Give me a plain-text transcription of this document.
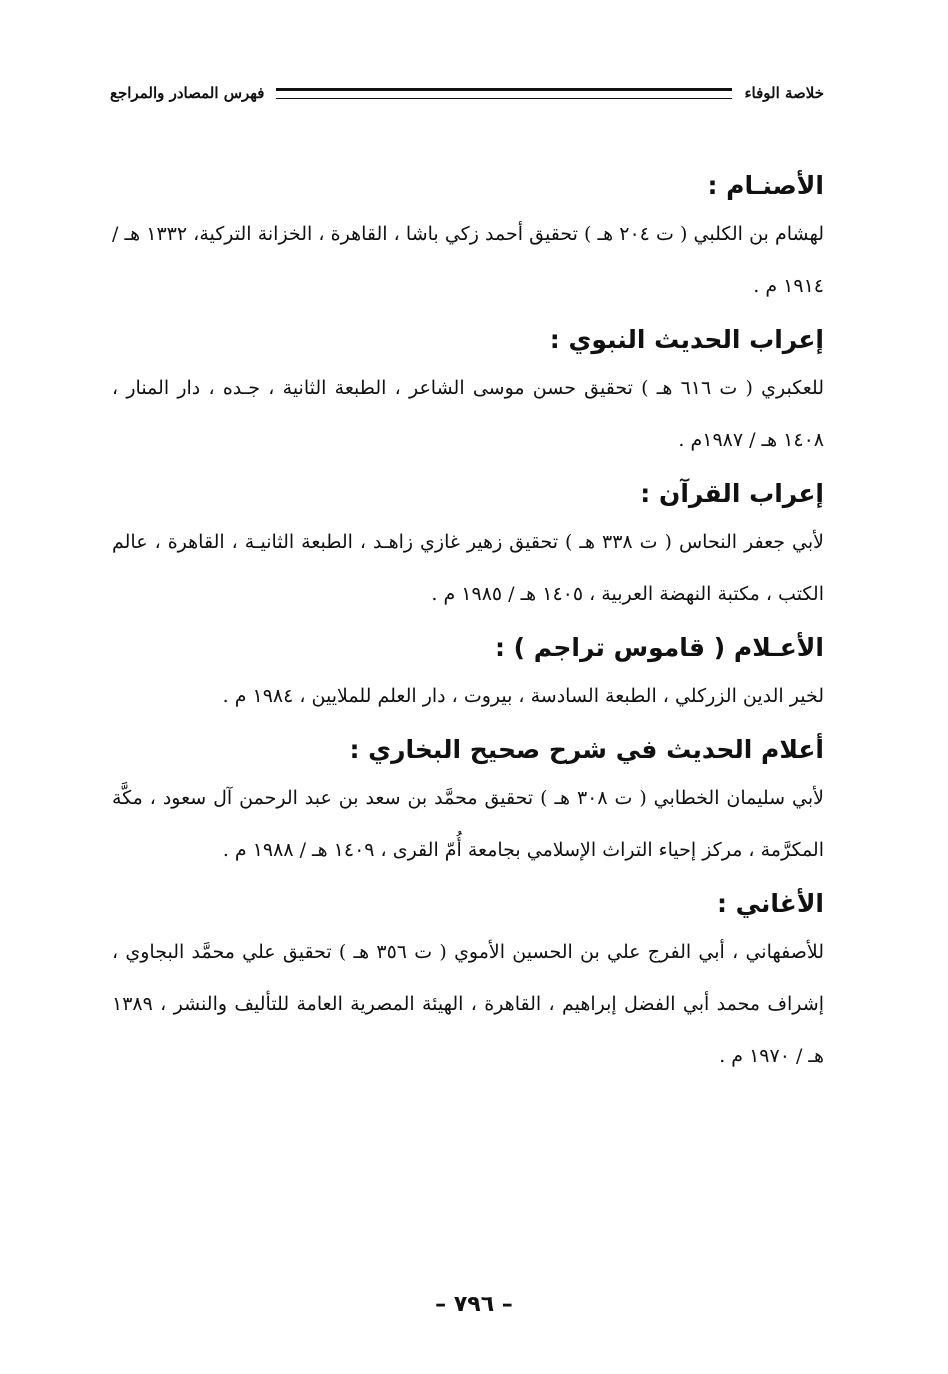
خلاصة الوفاء
فهرس المصادر والمراجع

الأصنـام :

لهشام بن الكلبي ( ت ٢٠٤ هـ ) تحقيق أحمد زكي باشا ، القاهرة ، الخزانة التركية، ١٣٣٢ هـ / ١٩١٤ م .

إعراب الحديث النبوي :

للعكبري ( ت ٦١٦ هـ ) تحقيق حسن موسى الشاعر ، الطبعة الثانية ، جـده ، دار المنار ، ١٤٠٨ هـ / ١٩٨٧م .

إعراب القرآن :

لأبي جعفر النحاس ( ت ٣٣٨ هـ ) تحقيق زهير غازي زاهـد ، الطبعة الثانيـة ، القاهرة ، عالم الكتب ، مكتبة النهضة العربية ، ١٤٠٥ هـ / ١٩٨٥ م .

الأعـلام ( قاموس تراجم ) :

لخير الدين الزركلي ، الطبعة السادسة ، بيروت ، دار العلم للملايين ، ١٩٨٤ م .

أعلام الحديث في شرح صحيح البخاري :

لأبي سليمان الخطابي ( ت ٣٠٨ هـ ) تحقيق محمَّد بن سعد بن عبد الرحمن آل سعود ، مكَّة المكرَّمة ، مركز إحياء التراث الإسلامي بجامعة أُمّ القرى ، ١٤٠٩ هـ / ١٩٨٨ م .

الأغاني :

للأصفهاني ، أبي الفرج علي بن الحسين الأموي ( ت ٣٥٦ هـ ) تحقيق علي محمَّد البجاوي ، إشراف محمد أبي الفضل إبراهيم ، القاهرة ، الهيئة المصرية العامة للتأليف والنشر ، ١٣٨٩ هـ / ١٩٧٠ م .

– ٧٩٦ –
